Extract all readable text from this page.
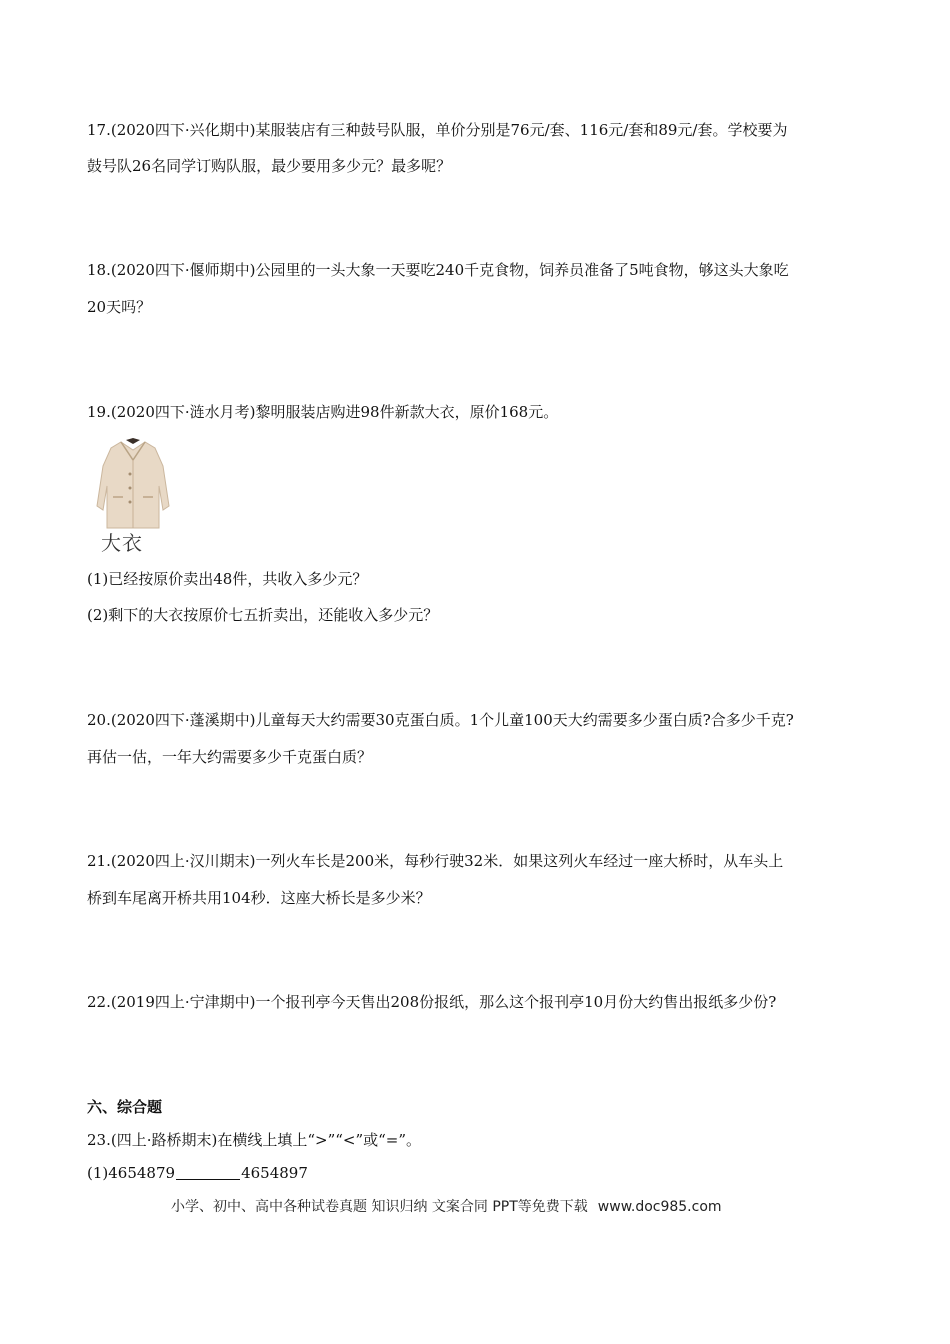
17.(2020四下·兴化期中)某服装店有三种鼓号队服，单价分别是76元/套、116元/套和89元/套。学校要为
鼓号队26名同学订购队服，最少要用多少元？最多呢？
18.(2020四下·偃师期中)公园里的一头大象一天要吃240千克食物，饲养员准备了5吨食物，够这头大象吃
20天吗？
19.(2020四下·涟水月考)黎明服装店购进98件新款大衣，原价168元。
大衣
(1)已经按原价卖出48件，共收入多少元？
(2)剩下的大衣按原价七五折卖出，还能收入多少元？
20.(2020四下·蓬溪期中)儿童每天大约需要30克蛋白质。1个儿童100天大约需要多少蛋白质?合多少千克?
再估一估，一年大约需要多少千克蛋白质？
21.(2020四上·汉川期末)一列火车长是200米，每秒行驶32米．如果这列火车经过一座大桥时，从车头上
桥到车尾离开桥共用104秒．这座大桥长是多少米？
22.(2019四上·宁津期中)一个报刊亭今天售出208份报纸，那么这个报刊亭10月份大约售出报纸多少份?
六、综合题
23.(四上·路桥期末)在横线上填上“>”“<”或“=”。
(1)4654879	4654897
小学、初中、高中各种试卷真题 知识归纳 文案合同 PPT等免费下载 www.doc985.com
